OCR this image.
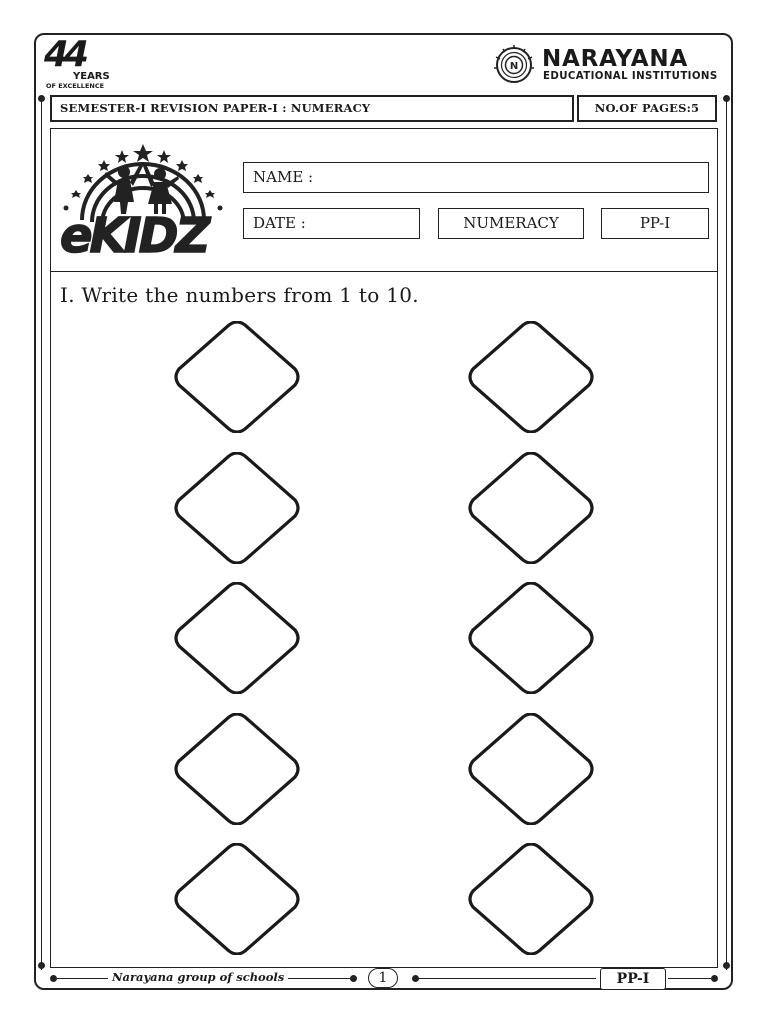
44
YEARS
OF EXCELLENCE
N NARAYANA
EDUCATIONAL INSTITUTIONS
SEMESTER-I REVISION PAPER-I : NUMERACY	NO.OF PAGES:5
eKIDZ
NAME :
DATE :	NUMERACY	PP-I
I. Write the numbers from 1 to 10.
Narayana group of schools	1	PP-I
